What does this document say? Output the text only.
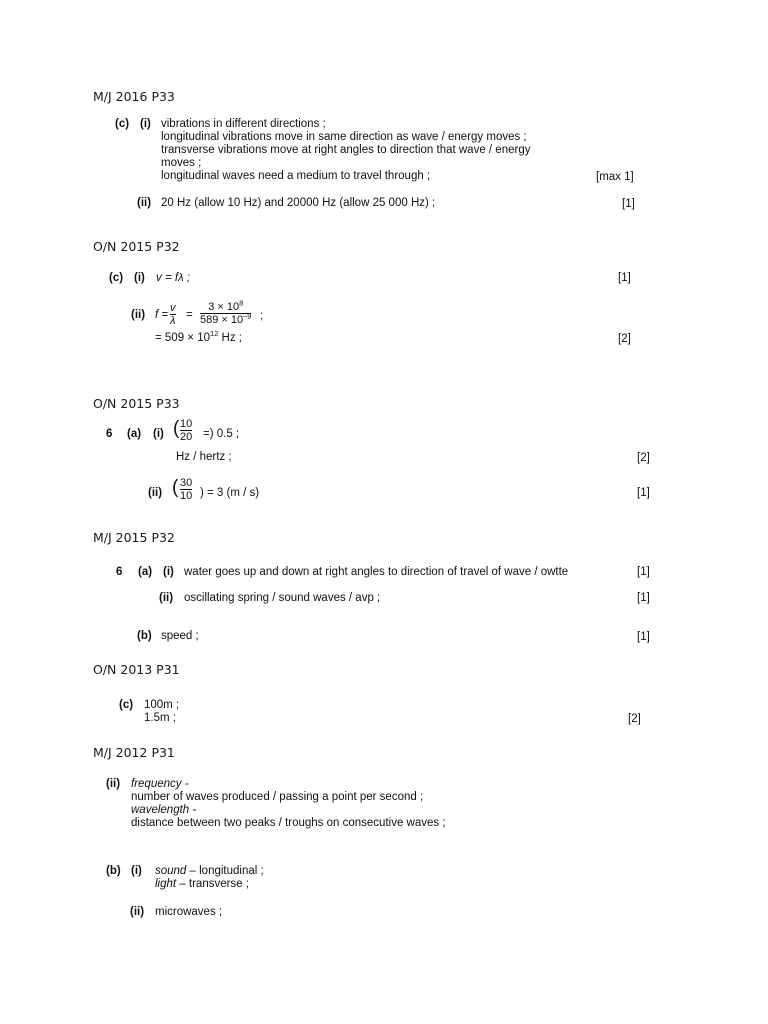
M/J 2016 P33
(c) (i) vibrations in different directions ;
longitudinal vibrations move in same direction as wave / energy moves ;
transverse vibrations move at right angles to direction that wave / energy
moves ;
longitudinal waves need a medium to travel through ;	[max 1]
(ii) 20 Hz (allow 10 Hz) and 20000 Hz (allow 25 000 Hz) ;	[1]
O/N 2015 P32
(c) (i) v = fλ ;	[1]
(ii) f =
v
λ =
$3 \times 10^8$
$589 \times 10^{-9}$ ;
= $509 \times 10^{12}$ Hz ;	[2]
O/N 2015 P33
6 (a) (i) ( 10
20 =) 0.5 ;
Hz / hertz ;	[2]
(ii) ( 30
10 ) = 3 (m / s)	[1]
M/J 2015 P32
6 (a) (i) water goes up and down at right angles to direction of travel of wave / owtte	[1]
(ii) oscillating spring / sound waves / avp ;	[1]
(b) speed ;	[1]
O/N 2013 P31
(c) 100m ;
1.5m ;	[2]
M/J 2012 P31
(ii) frequency -
number of waves produced / passing a point per second ;
wavelength -
distance between two peaks / troughs on consecutive waves ;
(b) (i) sound – longitudinal ;
light – transverse ;
(ii) microwaves ;
